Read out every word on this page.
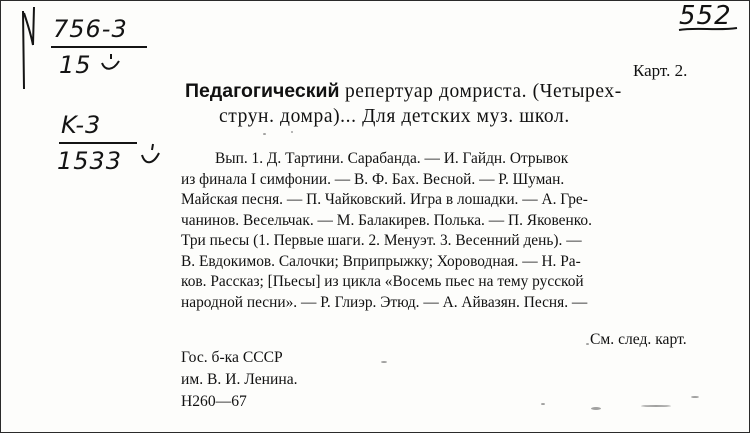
756-3
15
K-3
1533
552
Карт. 2.
Педагогический репертуар домриста. (Четырех-
струн. домра)... Для детских муз. школ.
Вып. 1. Д. Тартини. Сарабанда. — И. Гайдн. Отрывок
из финала I симфонии. — В. Ф. Бах. Весной. — Р. Шуман.
Майская песня. — П. Чайковский. Игра в лошадки. — А. Гре-
чанинов. Весельчак. — М. Балакирев. Полька. — П. Яковенко.
Три пьесы (1. Первые шаги. 2. Менуэт. 3. Весенний день). —
В. Евдокимов. Салочки; Вприпрыжку; Хороводная. — Н. Ра-
ков. Рассказ; [Пьесы] из цикла «Восемь пьес на тему русской
народной песни». — Р. Глиэр. Этюд. — А. Айвазян. Песня. —
См. след. карт.
Гос. б-ка СССР
им. В. И. Ленина.
Н260—67
